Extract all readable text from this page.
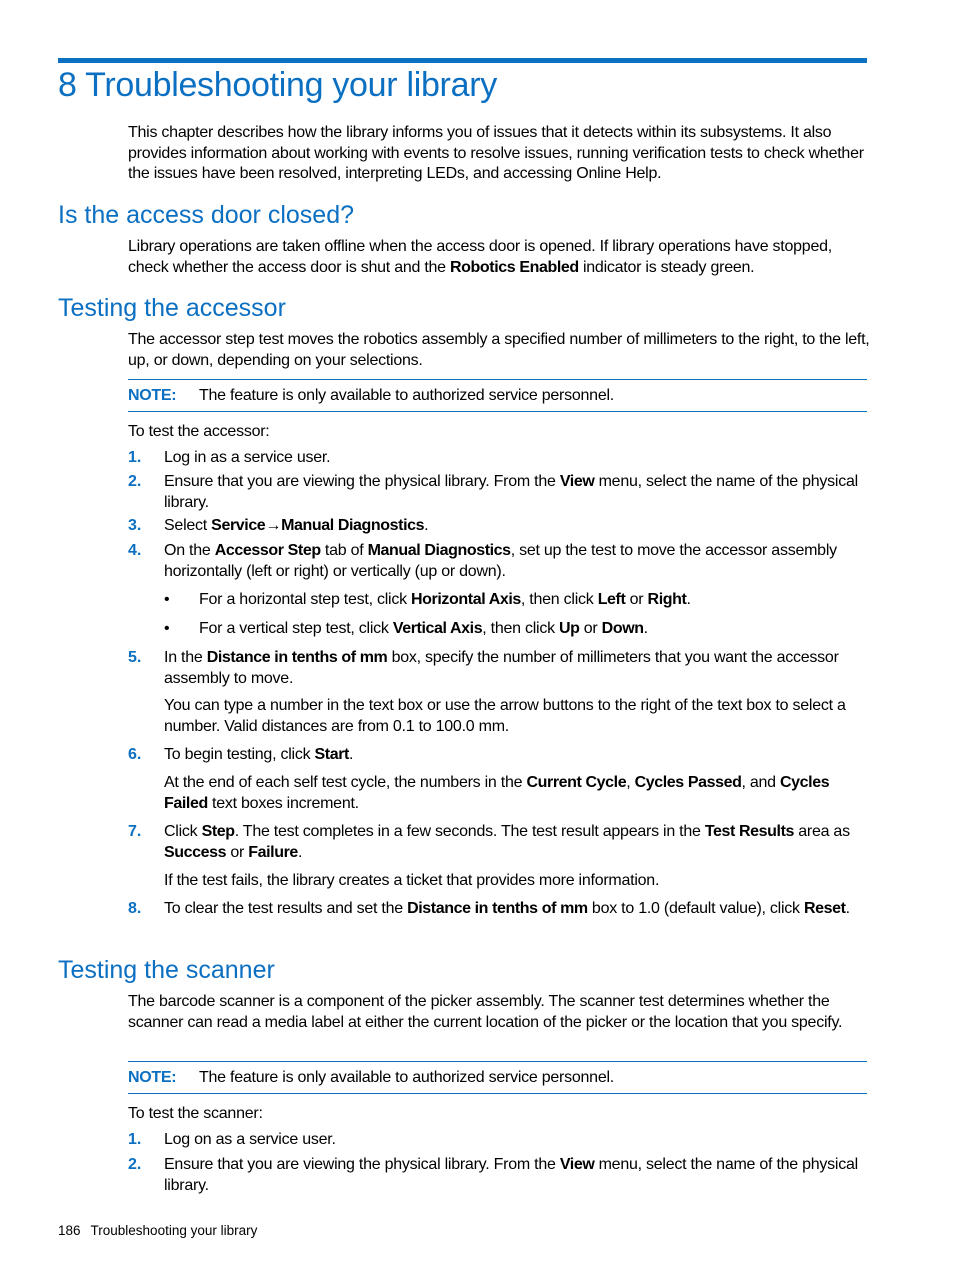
8 Troubleshooting your library

This chapter describes how the library informs you of issues that it detects within its subsystems. It also provides information about working with events to resolve issues, running verification tests to check whether the issues have been resolved, interpreting LEDs, and accessing Online Help.

Is the access door closed?

Library operations are taken offline when the access door is opened. If library operations have stopped, check whether the access door is shut and the Robotics Enabled indicator is steady green.

Testing the accessor

The accessor step test moves the robotics assembly a specified number of millimeters to the right, to the left, up, or down, depending on your selections.

NOTE: The feature is only available to authorized service personnel.

To test the accessor:

1. Log in as a service user.

2. Ensure that you are viewing the physical library. From the View menu, select the name of the physical library.

3. Select Service→Manual Diagnostics.

4. On the Accessor Step tab of Manual Diagnostics, set up the test to move the accessor assembly horizontally (left or right) or vertically (up or down).

• For a horizontal step test, click Horizontal Axis, then click Left or Right.

• For a vertical step test, click Vertical Axis, then click Up or Down.

5. In the Distance in tenths of mm box, specify the number of millimeters that you want the accessor assembly to move.

You can type a number in the text box or use the arrow buttons to the right of the text box to select a number. Valid distances are from 0.1 to 100.0 mm.

6. To begin testing, click Start.

At the end of each self test cycle, the numbers in the Current Cycle, Cycles Passed, and Cycles Failed text boxes increment.

7. Click Step. The test completes in a few seconds. The test result appears in the Test Results area as Success or Failure.

If the test fails, the library creates a ticket that provides more information.

8. To clear the test results and set the Distance in tenths of mm box to 1.0 (default value), click Reset.

Testing the scanner

The barcode scanner is a component of the picker assembly. The scanner test determines whether the scanner can read a media label at either the current location of the picker or the location that you specify.

NOTE: The feature is only available to authorized service personnel.

To test the scanner:

1. Log on as a service user.

2. Ensure that you are viewing the physical library. From the View menu, select the name of the physical library.

186 Troubleshooting your library
